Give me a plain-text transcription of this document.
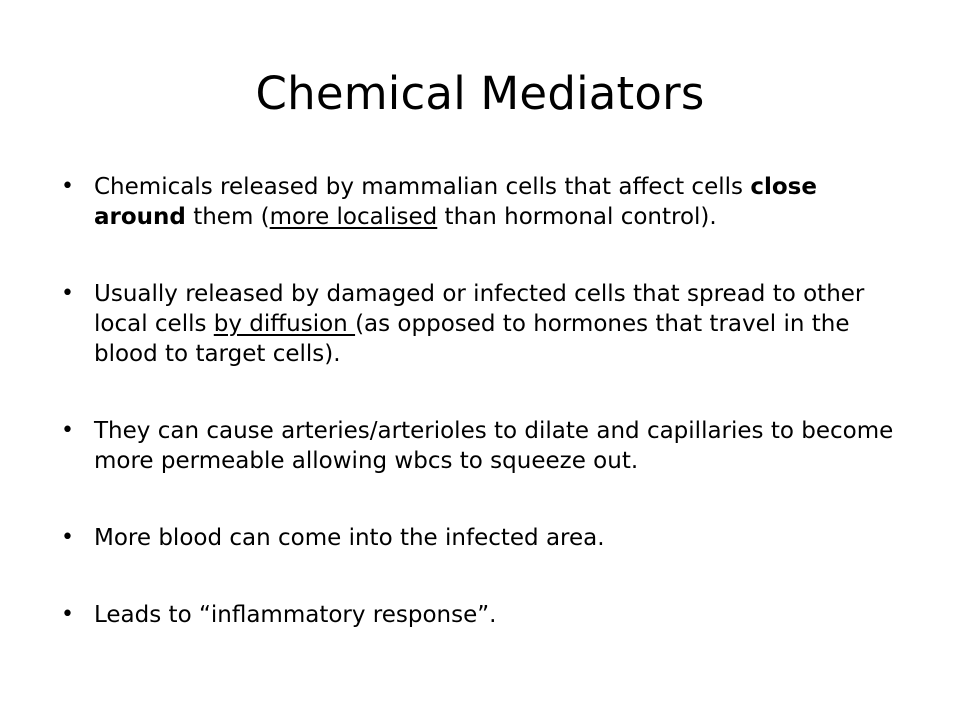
Chemical Mediators
• Chemicals released by mammalian cells that affect cells close around them (more localised than hormonal control).
• Usually released by damaged or infected cells that spread to other local cells by diffusion (as opposed to hormones that travel in the blood to target cells).
• They can cause arteries/arterioles to dilate and capillaries to become more permeable allowing wbcs to squeeze out.
• More blood can come into the infected area.
• Leads to “inflammatory response”.
